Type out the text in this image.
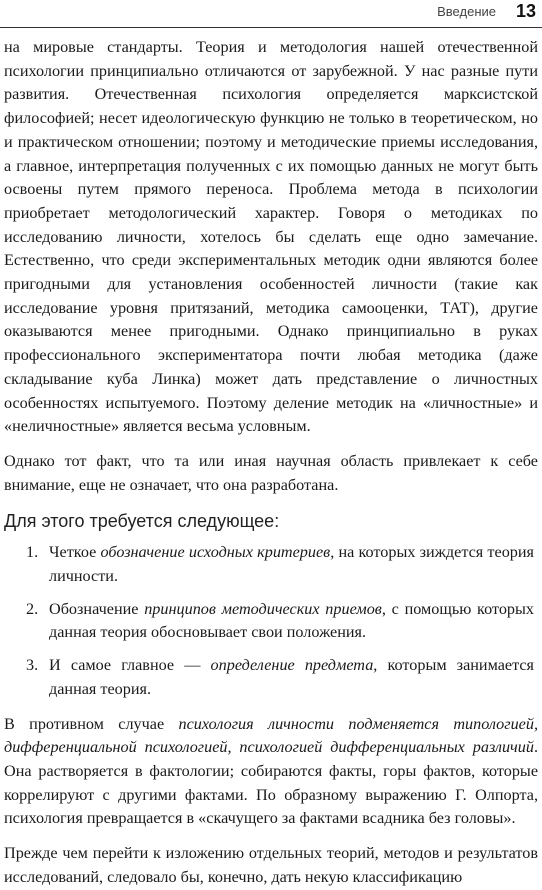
Введение 13

на мировые стандарты. Теория и методология нашей отечественной психологии принципиально отличаются от зарубежной. У нас разные пути развития. Отечественная психология определяется марксистской философией; несет идеологическую функцию не только в теоретическом, но и практическом отношении; поэтому и методические приемы исследования, а главное, интерпретация полученных с их помощью данных не могут быть освоены путем прямого переноса. Проблема метода в психологии приобретает методологический характер. Говоря о методиках по исследованию личности, хотелось бы сделать еще одно замечание. Естественно, что среди экспериментальных методик одни являются более пригодными для установления особенностей личности (такие как исследование уровня притязаний, методика самооценки, ТАТ), другие оказываются менее пригодными. Однако принципиально в руках профессионального экспериментатора почти любая методика (даже складывание куба Линка) может дать представление о личностных особенностях испытуемого. Поэтому деление методик на «личностные» и «неличностные» является весьма условным.

Однако тот факт, что та или иная научная область привлекает к себе внимание, еще не означает, что она разработана.

Для этого требуется следующее:
1. Четкое обозначение исходных критериев, на которых зиждется теория личности.
2. Обозначение принципов методических приемов, с помощью которых данная теория обосновывает свои положения.
3. И самое главное — определение предмета, которым занимается данная теория.

В противном случае психология личности подменяется типологией, дифференциальной психологией, психологией дифференциальных различий. Она растворяется в фактологии; собираются факты, горы фактов, которые коррелируют с другими фактами. По образному выражению Г. Олпорта, психология превращается в «скачущего за фактами всадника без головы».

Прежде чем перейти к изложению отдельных теорий, методов и результатов исследований, следовало бы, конечно, дать некую классификацию
